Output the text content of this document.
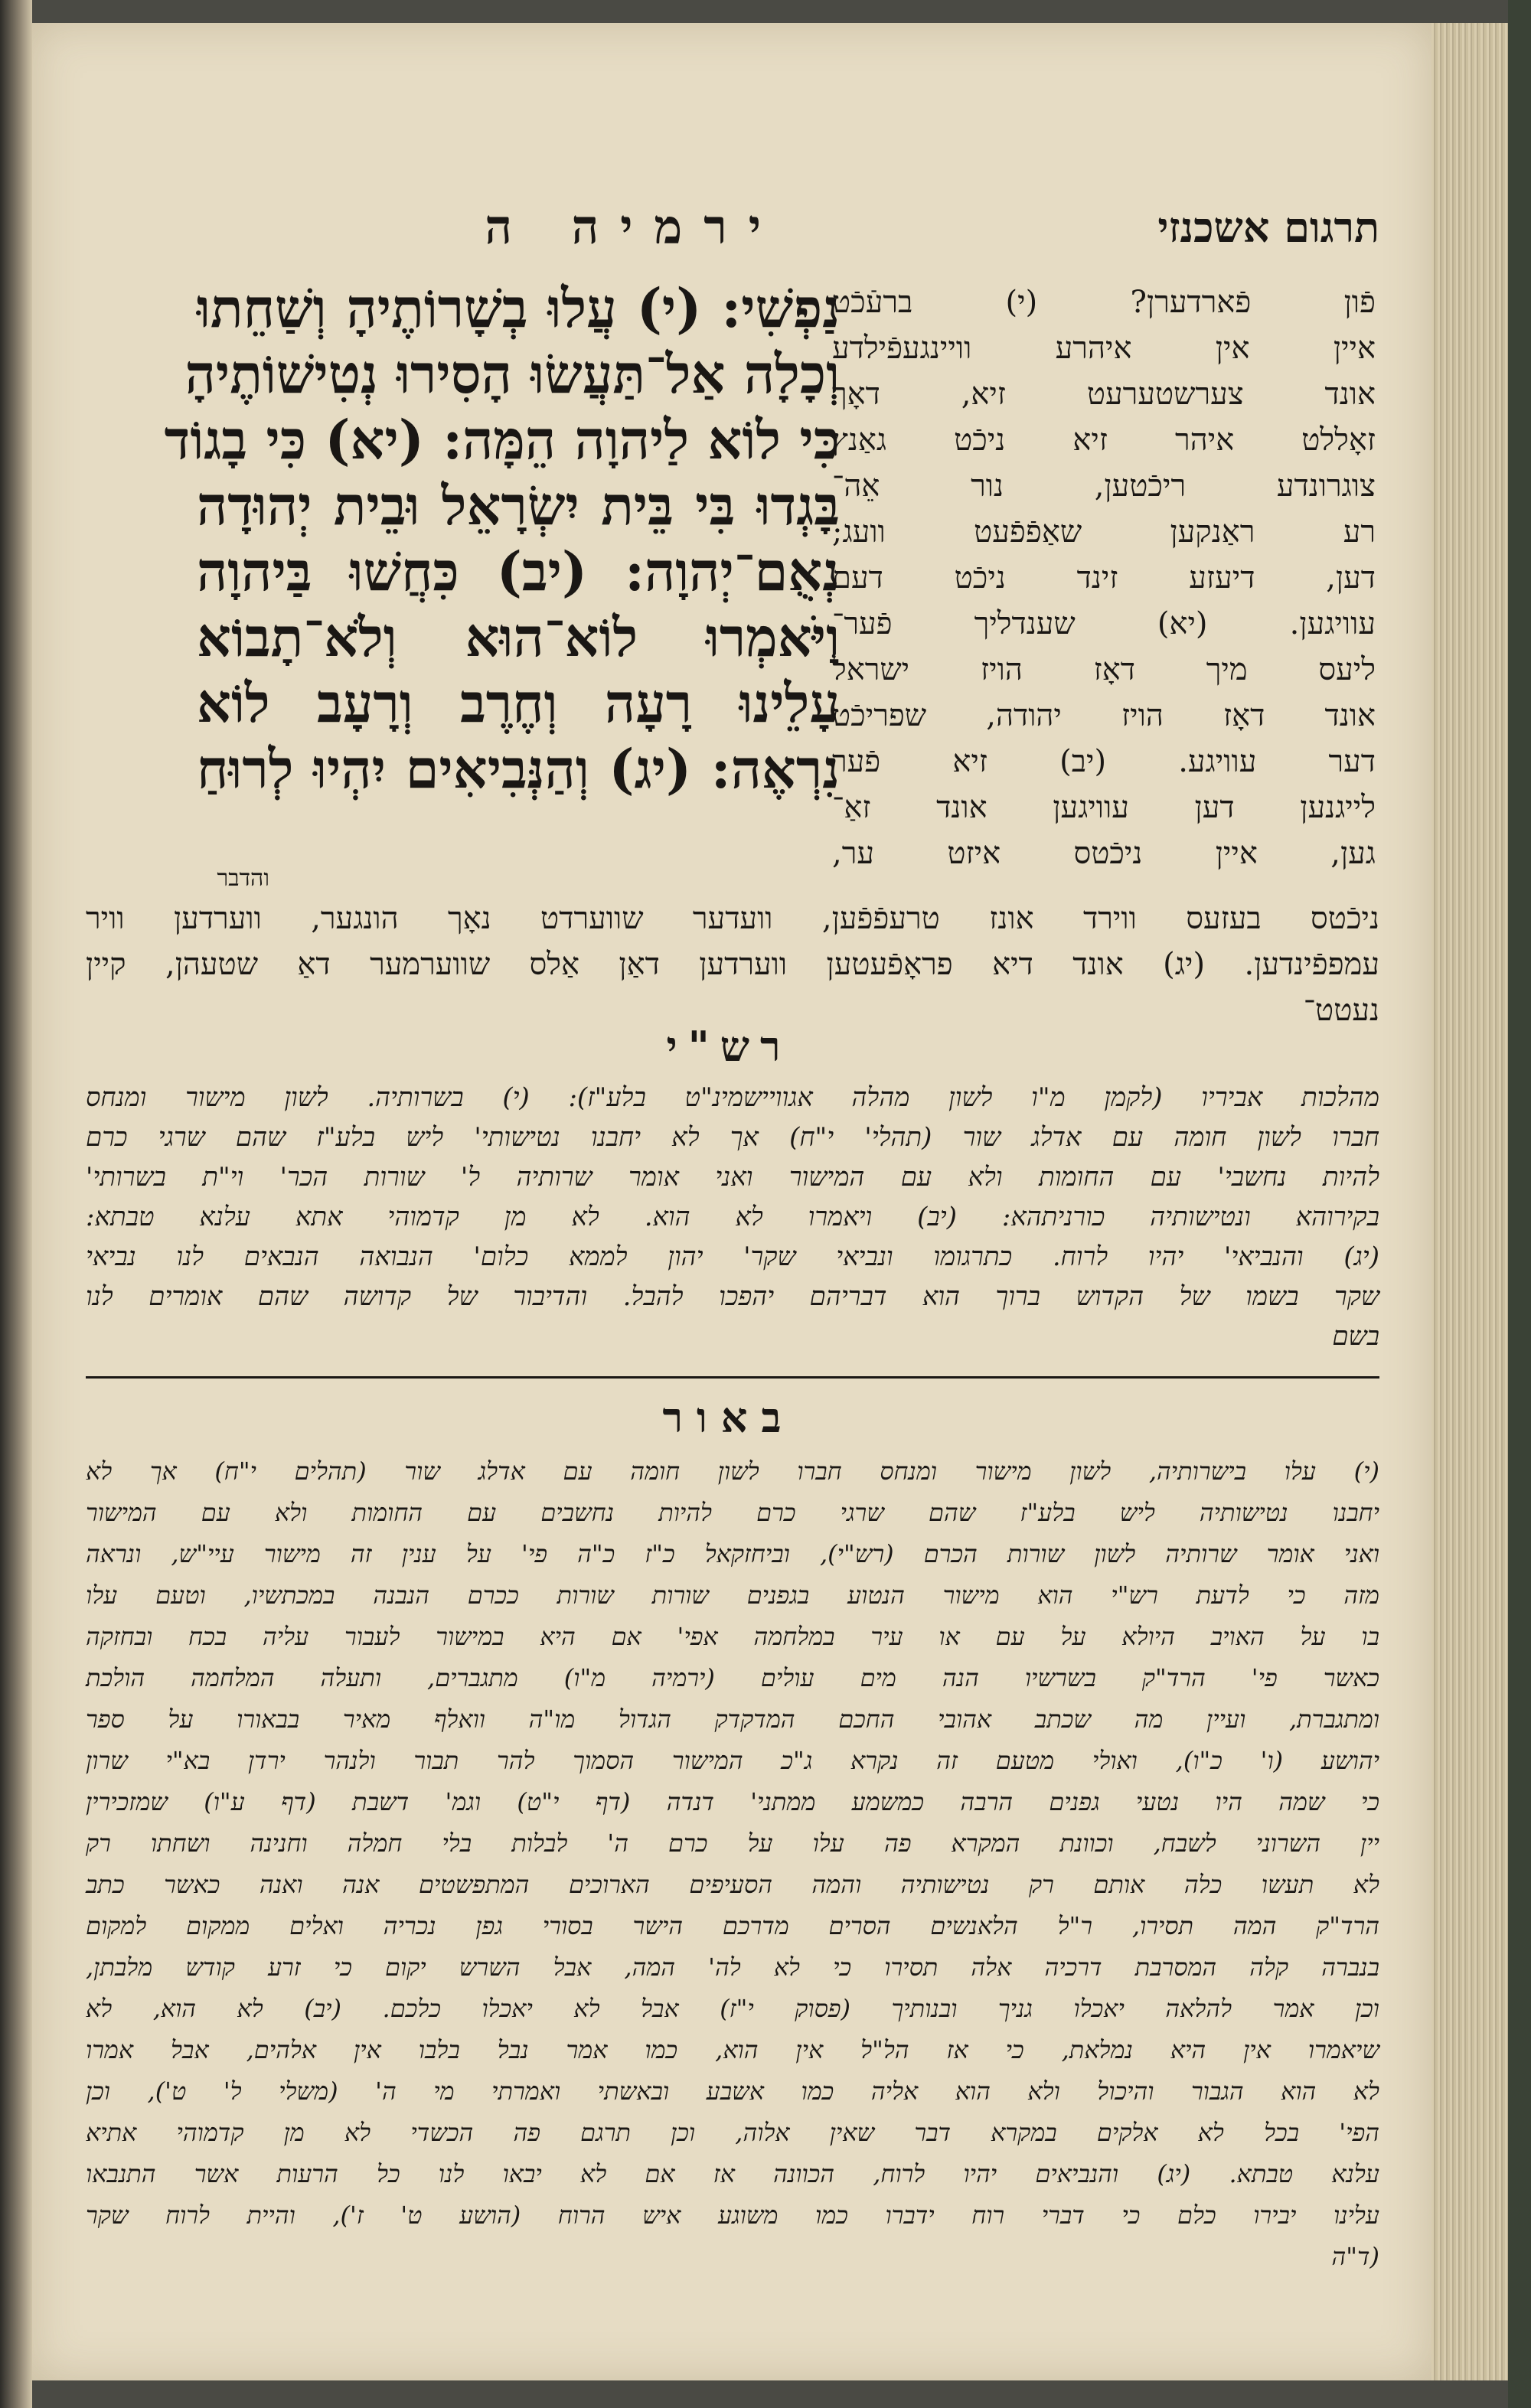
תרגום אשכנזי
ירמיה ה
נַפְשִׁי: (י) עֲלוּ בְשָׁרוֹתֶיהָ וְשַׁחֵתוּ
וְכָלָה אַל־תַּעֲשׂוּ הָסִירוּ נְטִישׁוֹתֶיהָ
כִּי לוֹא לַיהוָה הֵמָּה: (יא) כִּי בָגוֹד
בָּגְדוּ בִּי בֵּית יִשְׂרָאֵל וּבֵית יְהוּדָה
נְאֻם־יְהוָה: (יב) כִּחֲשׁוּ בַּיהוָה
וַיֹּאמְרוּ לוֹא־הוּא וְלֹא־תָבוֹא
עָלֵינוּ רָעָה וְחֶרֶב וְרָעָב לוֹא
נִרְאֶה: (יג) וְהַנְּבִיאִים יִהְיוּ לְרוּחַ
והדבר
פֿון פֿארדערן? (י) ברעֿכֿט
איין אין איהרע וויינגעפֿילדע
אונד צערשטערעט זיא, דאָך
זאָללט איהר זיא ניכֿט גאַנץ
צוגרונדע ריכֿטען, נור אֵה־
רע ראַנקען שאַפֿפֿעט וועג;
דען, דיעזע זינד ניכֿט דעם
עוויגען. (יא) שענדליך פֿער־
ליעס מיך דאָז הויז ישראל
אונד דאָז הויז יהודה, שפריכֿט
דער עוויגע. (יב) זיא פֿער
לייגנען דען עוויגען אונד זאַ־
גען, איין ניכֿטס איזט ער,
ניכֿטס בעזעס ווירד אונז טרעפֿפֿען, וועדער שווערדט נאָך הונגער, ווערדען וויר
עמפפֿינדען. (יג) אונד דיא פראָפֿעטען ווערדען דאַן אַלס שווערמער דאַ שטעהן, קיין
נעטט־
רש"י
מהלכות אביריו (לקמן מ"ו לשון מהלה אגוויישמינ"ט בלע"ז): (י) בשרותיה. לשון מישור ומנחס
חברו לשון חומה עם אדלג שור (תהלי' י"ח) אך לא יחבנו נטישותי' ליש בלע"ז שהם שרגי כרם
להיות נחשבי' עם החומות ולא עם המישור ואני אומר שרותיה ל' שורות הכר' וי"ת בשרותי'
בקירוהא ונטישותיה כורניתהא: (יב) ויאמרו לא הוא. לא מן קדמוהי אתא עלנא טבתא:
(יג) והנביאי' יהיו לרוח. כתרגומו ונביאי שקר' יהון לממא כלום' הנבואה הנבאים לנו נביאי
שקר בשמו של הקדוש ברוך הוא דבריהם יהפכו להבל. והדיבור של קדושה שהם אומרים לנו
בשם
באור
(י) עלו בישרותיה, לשון מישור ומנחס חברו לשון חומה עם אדלג שור (תהלים י"ח) אך לא
יחבנו נטישותיה ליש בלע"ז שהם שרגי כרם להיות נחשבים עם החומות ולא עם המישור
ואני אומר שרותיה לשון שורות הכרם (רש"י), וביחזקאל כ"ז כ"ה פי' על ענין זה מישור עיי"ש, ונראה
מזה כי לדעת רש"י הוא מישור הנטוע בגפנים שורות שורות ככרם הנבנה במכתשיו, וטעם עלו
בו על האויב היולא על עם או עיר במלחמה אפי' אם היא במישור לעבור עליה בכח ובחזקה
כאשר פי' הרד"ק בשרשיו הנה מים עולים (ירמיה מ"ו) מתגברים, ותעלה המלחמה הולכת
ומתגברת, ועיין מה שכתב אהובי החכם המדקדק הגדול מו"ה וואלף מאיר בבאורו על ספר
יהושע (ו' כ"ו), ואולי מטעם זה נקרא ג"כ המישור הסמוך להר תבור ולנהר ירדן בא"י שרון
כי שמה היו נטעי גפנים הרבה כמשמע ממתני' דנדה (דף י"ט) וגמ' דשבת (דף ע"ו) שמזכירין
יין השרוני לשבח, וכוונת המקרא פה עלו על כרם ה' לבלות בלי חמלה וחנינה ושחתו רק
לא תעשו כלה אותם רק נטישותיה והמה הסעיפים הארוכים המתפשטים אנה ואנה כאשר כתב
הרד"ק המה תסירו, ר"ל הלאנשים הסרים מדרכם הישר בסורי גפן נכריה ואלים ממקום למקום
בנברה קלה המסרבת דרכיה אלה תסירו כי לא לה' המה, אבל השרש יקום כי זרע קודש מלבתן,
וכן אמר להלאה יאכלו גניך ובנותיך (פסוק י"ז) אבל לא יאכלו כלכם. (יב) לא הוא, לא
שיאמרו אין היא נמלאת, כי אז הל"ל אין הוא, כמו אמר נבל בלבו אין אלהים, אבל אמרו
לא הוא הגבור והיכול ולא הוא אליה כמו אשבע ובאשתי ואמרתי מי ה' (משלי ל' ט'), וכן
הפי' בכל לא אלקים במקרא דבר שאין אלוה, וכן תרגם פה הכשדי לא מן קדמוהי אתיא
עלנא טבתא. (יג) והנביאים יהיו לרוח, הכוונה אז אם לא יבאו לנו כל הרעות אשר התנבאו
עלינו יבירו כלם כי דברי רוח ידברו כמו משוגע איש הרוח (הושע ט' ז'), והיית לרוח שקר
(ד"ה
